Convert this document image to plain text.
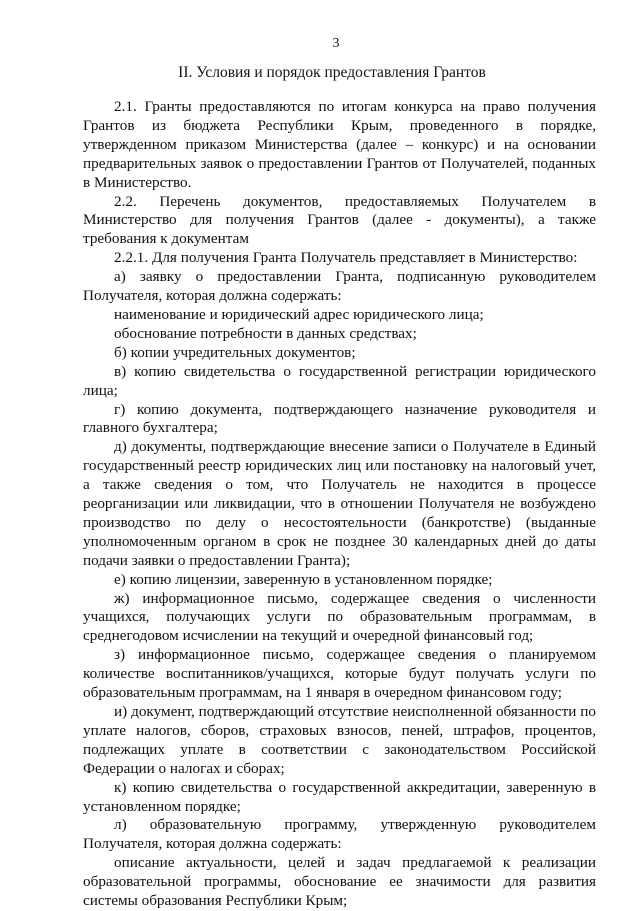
3
II. Условия и порядок предоставления Грантов

2.1. Гранты предоставляются по итогам конкурса на право получения Грантов из бюджета Республики Крым, проведенного в порядке, утвержденном приказом Министерства (далее – конкурс) и на основании предварительных заявок о предоставлении Грантов от Получателей, поданных в Министерство.

2.2. Перечень документов, предоставляемых Получателем в Министерство для получения Грантов (далее - документы), а также требования к документам

2.2.1. Для получения Гранта Получатель представляет в Министерство:

а) заявку о предоставлении Гранта, подписанную руководителем Получателя, которая должна содержать:

наименование и юридический адрес юридического лица;

обоснование потребности в данных средствах;

б) копии учредительных документов;

в) копию свидетельства о государственной регистрации юридического лица;

г) копию документа, подтверждающего назначение руководителя и главного бухгалтера;

д) документы, подтверждающие внесение записи о Получателе в Единый государственный реестр юридических лиц или постановку на налоговый учет, а также сведения о том, что Получатель не находится в процессе реорганизации или ликвидации, что в отношении Получателя не возбуждено производство по делу о несостоятельности (банкротстве) (выданные уполномоченным органом в срок не позднее 30 календарных дней до даты подачи заявки о предоставлении Гранта);

е) копию лицензии, заверенную в установленном порядке;

ж) информационное письмо, содержащее сведения о численности учащихся, получающих услуги по образовательным программам, в среднегодовом исчислении на текущий и очередной финансовый год;

з) информационное письмо, содержащее сведения о планируемом количестве воспитанников/учащихся, которые будут получать услуги по образовательным программам, на 1 января в очередном финансовом году;

и) документ, подтверждающий отсутствие неисполненной обязанности по уплате налогов, сборов, страховых взносов, пеней, штрафов, процентов, подлежащих уплате в соответствии с законодательством Российской Федерации о налогах и сборах;

к) копию свидетельства о государственной аккредитации, заверенную в установленном порядке;

л) образовательную программу, утвержденную руководителем Получателя, которая должна содержать:

описание актуальности, целей и задач предлагаемой к реализации образовательной программы, обоснование ее значимости для развития системы образования Республики Крым;
